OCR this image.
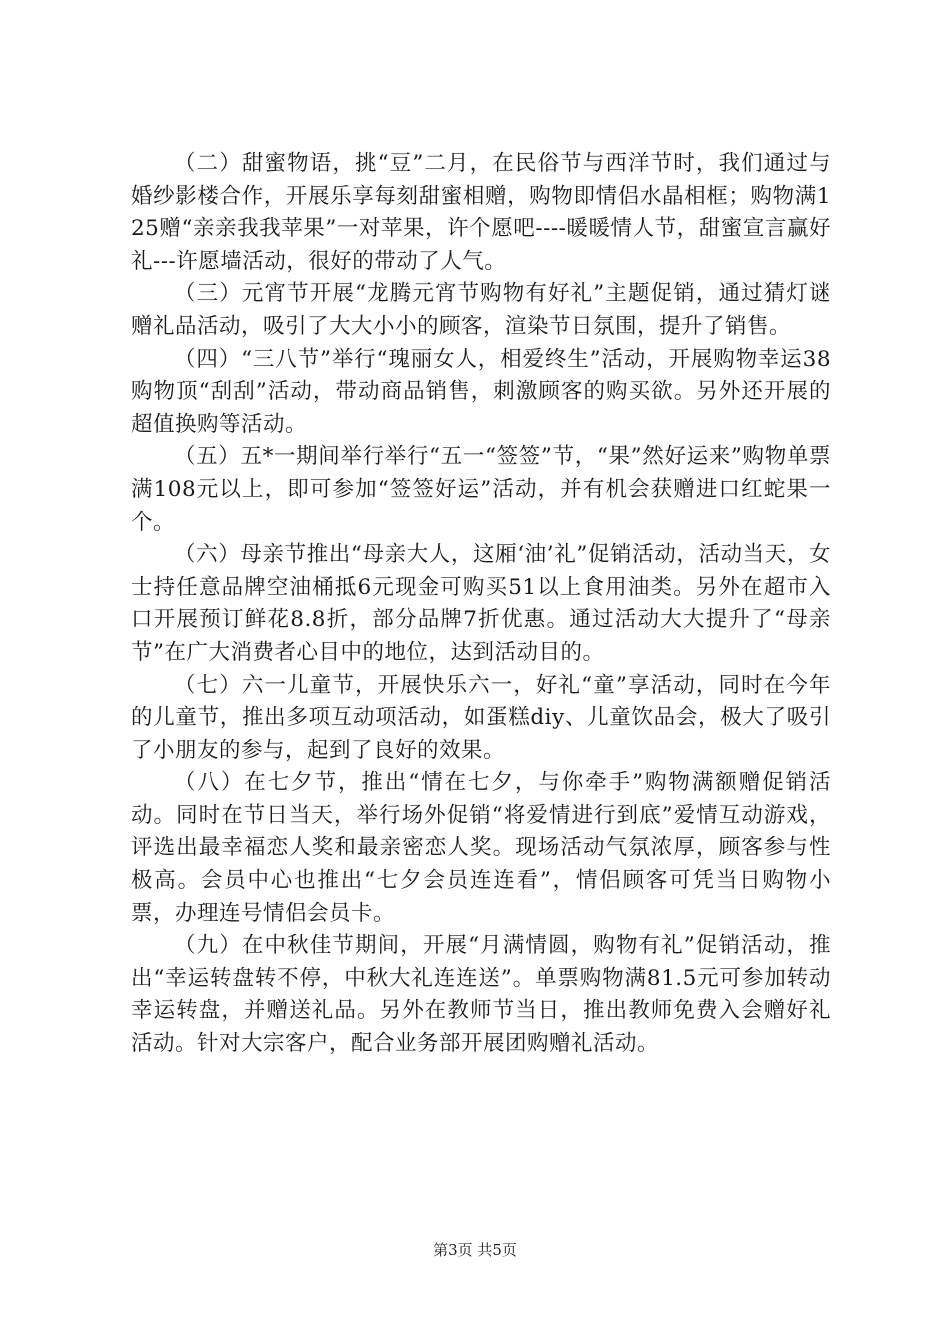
（二）甜蜜物语，挑“豆”二月，在民俗节与西洋节时，我们通过与婚纱影楼合作，开展乐享每刻甜蜜相赠，购物即情侣水晶相框；购物满125赠“亲亲我我苹果”一对苹果，许个愿吧----暖暖情人节，甜蜜宣言赢好礼---许愿墙活动，很好的带动了人气。

（三）元宵节开展“龙腾元宵节购物有好礼”主题促销，通过猜灯谜赠礼品活动，吸引了大大小小的顾客，渲染节日氛围，提升了销售。

（四）“三八节”举行“瑰丽女人，相爱终生”活动，开展购物幸运38购物顶“刮刮”活动，带动商品销售，刺激顾客的购买欲。另外还开展的超值换购等活动。

（五）五*一期间举行举行“五一“签签”节，“果”然好运来”购物单票满108元以上，即可参加“签签好运”活动，并有机会获赠进口红蛇果一个。

（六）母亲节推出“母亲大人，这厢‘油’礼”促销活动，活动当天，女士持任意品牌空油桶抵6元现金可购买51以上食用油类。另外在超市入口开展预订鲜花8.8折，部分品牌7折优惠。通过活动大大提升了“母亲节”在广大消费者心目中的地位，达到活动目的。

（七）六一儿童节，开展快乐六一，好礼“童”享活动，同时在今年的儿童节，推出多项互动项活动，如蛋糕diy、儿童饮品会，极大了吸引了小朋友的参与，起到了良好的效果。

（八）在七夕节，推出“情在七夕，与你牵手”购物满额赠促销活动。同时在节日当天，举行场外促销“将爱情进行到底”爱情互动游戏，评选出最幸福恋人奖和最亲密恋人奖。现场活动气氛浓厚，顾客参与性极高。会员中心也推出“七夕会员连连看”，情侣顾客可凭当日购物小票，办理连号情侣会员卡。

（九）在中秋佳节期间，开展“月满情圆，购物有礼”促销活动，推出“幸运转盘转不停，中秋大礼连连送”。单票购物满81.5元可参加转动幸运转盘，并赠送礼品。另外在教师节当日，推出教师免费入会赠好礼活动。针对大宗客户，配合业务部开展团购赠礼活动。

第3页 共5页
